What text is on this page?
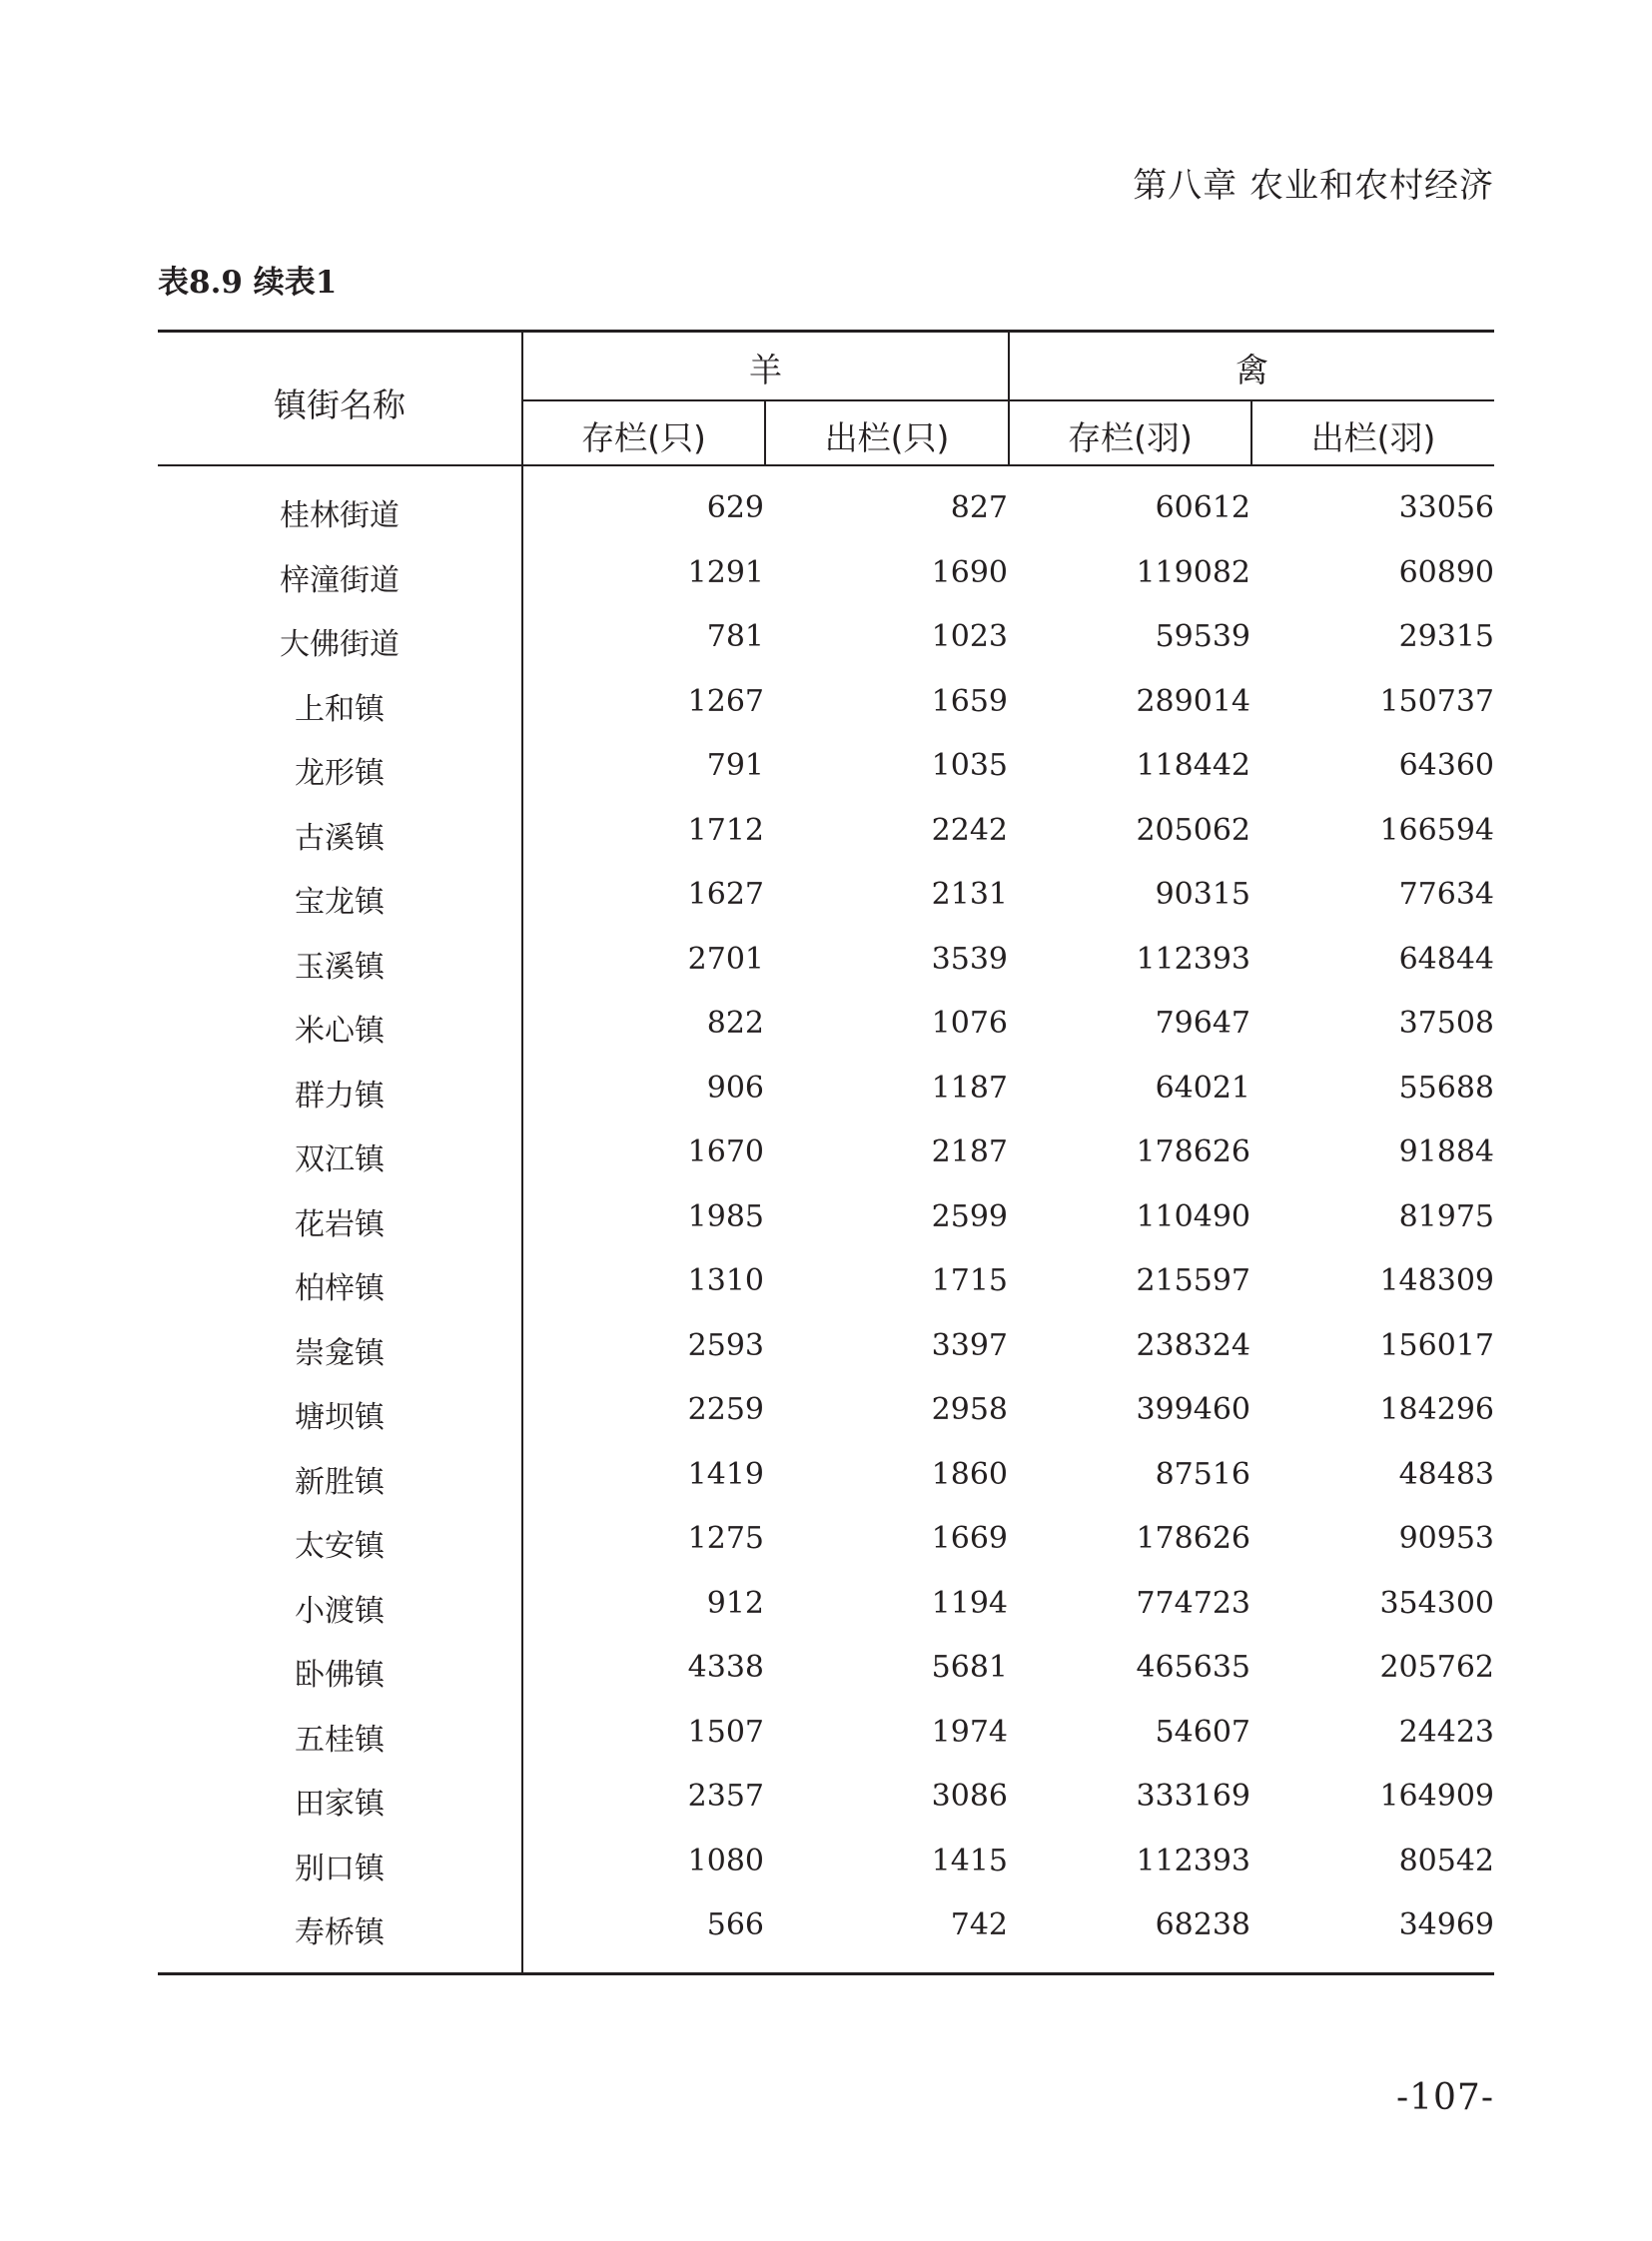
第八章 农业和农村经济
表8.9 续表1
镇街名称
羊	禽
存栏(只)	出栏(只)	存栏(羽)	出栏(羽)
桂林街道	629	827	60612	33056
梓潼街道	1291	1690	119082	60890
大佛街道	781	1023	59539	29315
上和镇	1267	1659	289014	150737
龙形镇	791	1035	118442	64360
古溪镇	1712	2242	205062	166594
宝龙镇	1627	2131	90315	77634
玉溪镇	2701	3539	112393	64844
米心镇	822	1076	79647	37508
群力镇	906	1187	64021	55688
双江镇	1670	2187	178626	91884
花岩镇	1985	2599	110490	81975
柏梓镇	1310	1715	215597	148309
崇龛镇	2593	3397	238324	156017
塘坝镇	2259	2958	399460	184296
新胜镇	1419	1860	87516	48483
太安镇	1275	1669	178626	90953
小渡镇	912	1194	774723	354300
卧佛镇	4338	5681	465635	205762
五桂镇	1507	1974	54607	24423
田家镇	2357	3086	333169	164909
别口镇	1080	1415	112393	80542
寿桥镇	566	742	68238	34969
-107-
